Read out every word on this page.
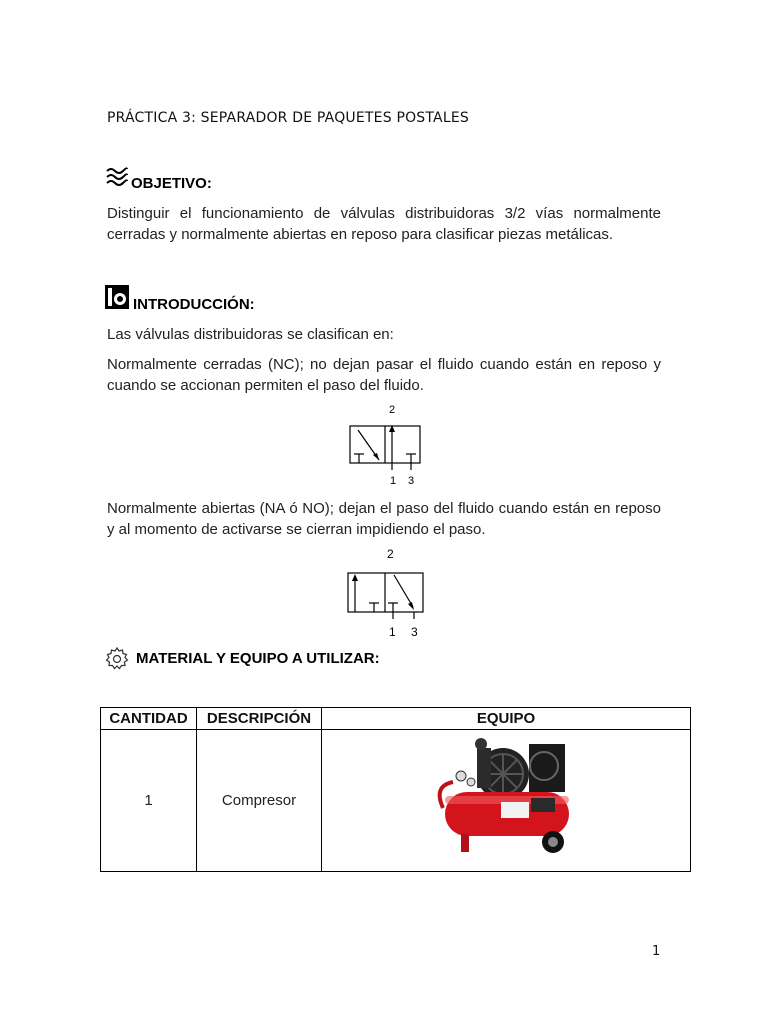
PRÁCTICA 3: SEPARADOR DE PAQUETES POSTALES
OBJETIVO:
Distinguir el funcionamiento de válvulas distribuidoras 3/2 vías normalmente cerradas y normalmente abiertas en reposo para clasificar piezas metálicas.
INTRODUCCIÓN:
Las válvulas distribuidoras se clasifican en:
Normalmente cerradas (NC); no dejan pasar el fluido cuando están en reposo y cuando se accionan permiten el paso del fluido.
2
1 3
Normalmente abiertas (NA ó NO); dejan el paso del fluido cuando están en reposo y al momento de activarse se cierran impidiendo el paso.
2
1 3
MATERIAL Y EQUIPO A UTILIZAR:
CANTIDAD	DESCRIPCIÓN	EQUIPO
1	Compresor	
1
